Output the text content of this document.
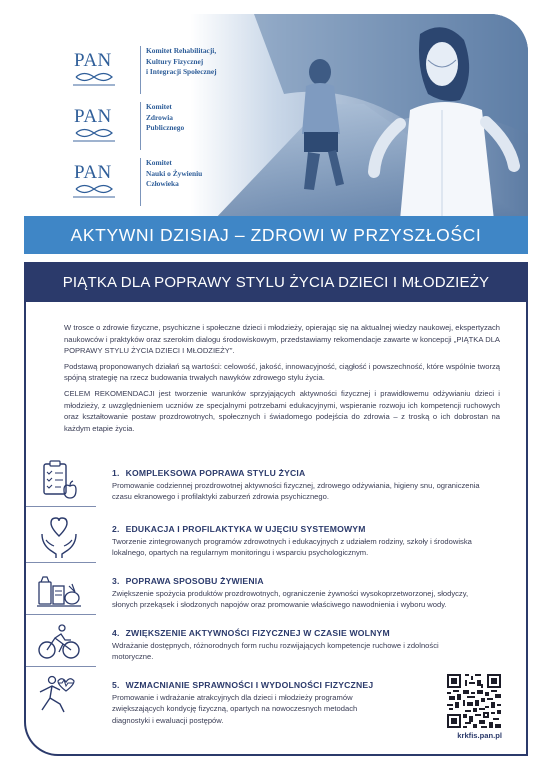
PAN	Komitet Rehabilitacji,
Kultury Fizycznej
i Integracji Społecznej
PAN	Komitet
Zdrowia
Publicznego
PAN	Komitet
Nauki o Żywieniu
Człowieka
AKTYWNI DZISIAJ – ZDROWI W PRZYSZŁOŚCI
PIĄTKA DLA POPRAWY STYLU ŻYCIA DZIECI I MŁODZIEŻY

W trosce o zdrowie fizyczne, psychiczne i społeczne dzieci i młodzieży, opierając się na aktualnej wiedzy naukowej, ekspertyzach naukowców i praktyków oraz szerokim dialogu środowiskowym, przedstawiamy rekomendacje zawarte w koncepcji „PIĄTKA DLA POPRAWY STYLU ŻYCIA DZIECI I MŁODZIEŻY”.

Podstawą proponowanych działań są wartości: celowość, jakość, innowacyjność, ciągłość i powszechność, które wspólnie tworzą spójną strategię na rzecz budowania trwałych nawyków zdrowego stylu życia.

CELEM REKOMENDACJI jest tworzenie warunków sprzyjających aktywności fizycznej i prawidłowemu odżywianiu dzieci i młodzieży, z uwzględnieniem uczniów ze specjalnymi potrzebami edukacyjnymi, wspieranie rozwoju ich kompetencji ruchowych oraz kształtowanie postaw prozdrowotnych, społecznych i świadomego podejścia do zdrowia – z troską o ich dobrostan na każdym etapie życia.

1. KOMPLEKSOWA POPRAWA STYLU ŻYCIA
Promowanie codziennej prozdrowotnej aktywności fizycznej, zdrowego odżywiania, higieny snu, ograniczenia czasu ekranowego i profilaktyki zaburzeń zdrowia psychicznego.
2. EDUKACJA I PROFILAKTYKA W UJĘCIU SYSTEMOWYM
Tworzenie zintegrowanych programów zdrowotnych i edukacyjnych z udziałem rodziny, szkoły i środowiska lokalnego, opartych na regularnym monitoringu i wsparciu psychologicznym.
3. POPRAWA SPOSOBU ŻYWIENIA
Zwiększenie spożycia produktów prozdrowotnych, ograniczenie żywności wysokoprzetworzonej, słodyczy, słonych przekąsek i słodzonych napojów oraz promowanie właściwego nawodnienia i wyboru wody.
4. ZWIĘKSZENIE AKTYWNOŚCI FIZYCZNEJ W CZASIE WOLNYM
Wdrażanie dostępnych, różnorodnych form ruchu rozwijających kompetencje ruchowe i zdolności motoryczne.
5. WZMACNIANIE SPRAWNOŚCI I WYDOLNOŚCI FIZYCZNEJ
Promowanie i wdrażanie atrakcyjnych dla dzieci i młodzieży programów zwiększających kondycję fizyczną, opartych na nowoczesnych metodach diagnostyki i ewaluacji postępów.
krkfis.pan.pl
